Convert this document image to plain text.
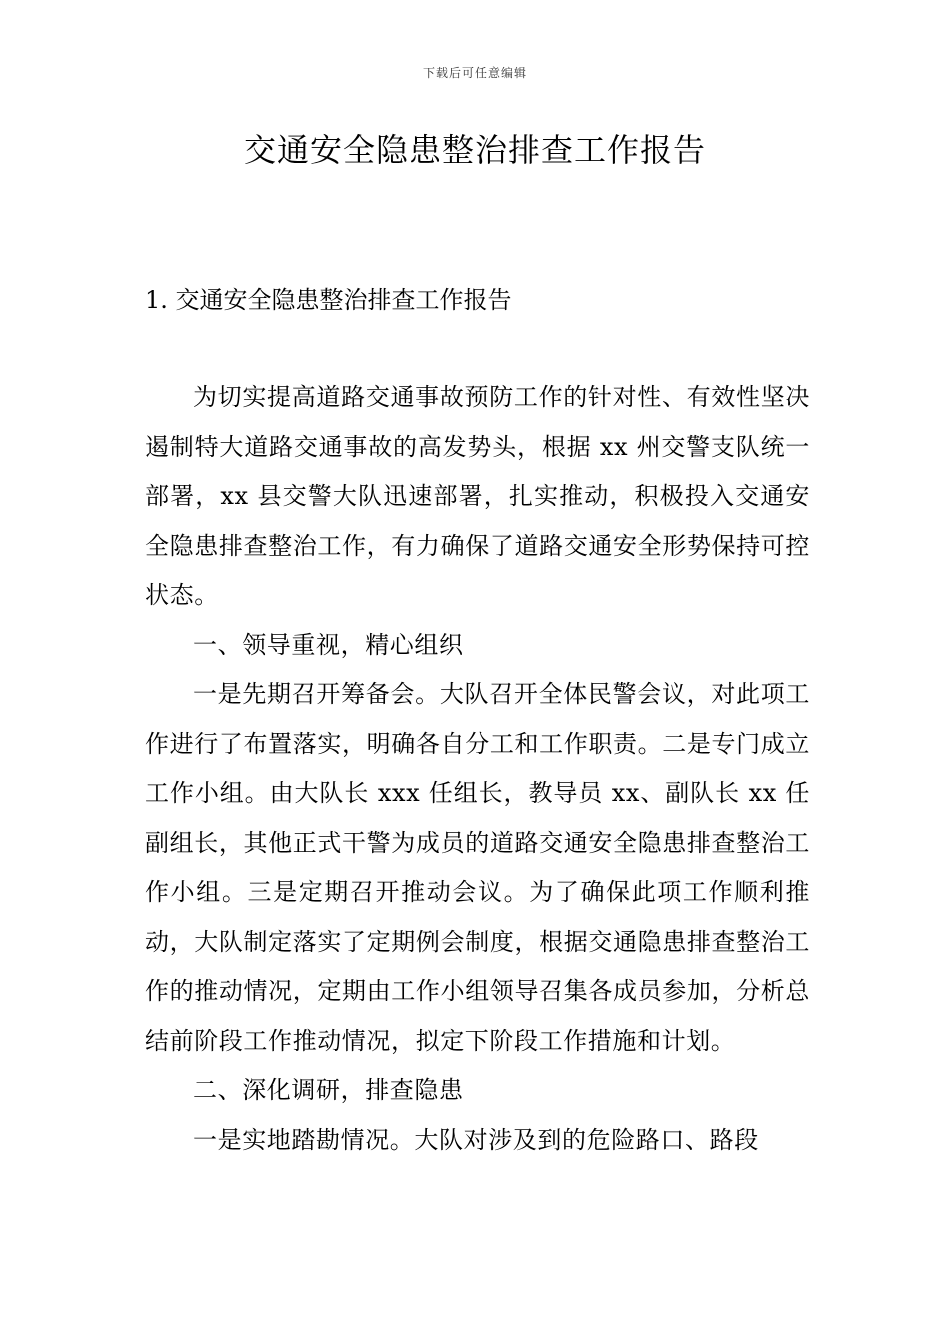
下载后可任意编辑
交通安全隐患整治排查工作报告
1. 交通安全隐患整治排查工作报告

为切实提高道路交通事故预防工作的针对性、有效性坚决遏制特大道路交通事故的高发势头，根据 xx 州交警支队统一部署，xx 县交警大队迅速部署，扎实推动，积极投入交通安全隐患排查整治工作，有力确保了道路交通安全形势保持可控状态。

一、领导重视，精心组织

一是先期召开筹备会。大队召开全体民警会议，对此项工作进行了布置落实，明确各自分工和工作职责。二是专门成立工作小组。由大队长 xxx 任组长，教导员 xx、副队长 xx 任副组长，其他正式干警为成员的道路交通安全隐患排查整治工作小组。三是定期召开推动会议。为了确保此项工作顺利推动，大队制定落实了定期例会制度，根据交通隐患排查整治工作的推动情况，定期由工作小组领导召集各成员参加，分析总结前阶段工作推动情况，拟定下阶段工作措施和计划。

二、深化调研，排查隐患

一是实地踏勘情况。大队对涉及到的危险路口、路段
